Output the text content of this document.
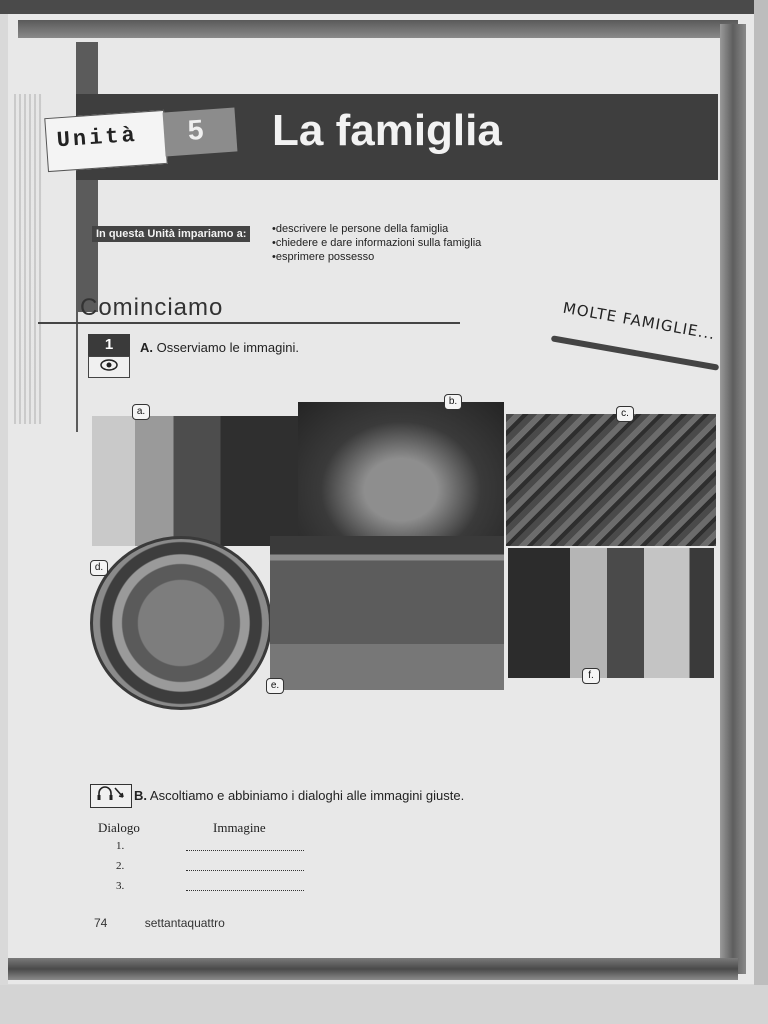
La famiglia
Unità 5
In questa Unità impariamo a:
•	descrivere le persone della famiglia
• chiedere e dare informazioni sulla famiglia
• esprimere possesso
Cominciamo
1	A. Osserviamo le immagini.
MOLTE FAMIGLIE...
a.
b.
c.
d.
e.
f.
B. Ascoltiamo e abbiniamo i dialoghi alle immagini giuste.
Dialogo	Immagine
1.
2.
3.
74	settantaquattro
